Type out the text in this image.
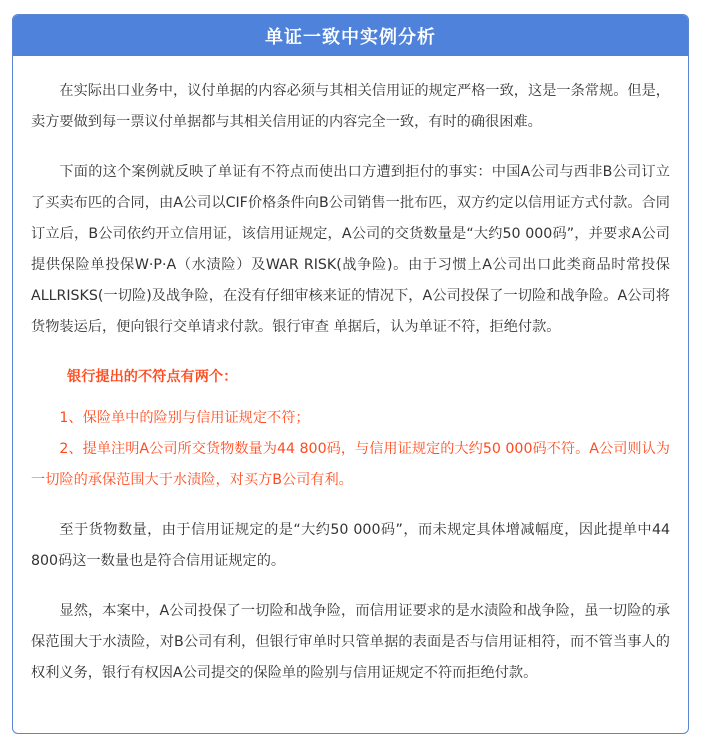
单证一致中实例分析

在实际出口业务中，议付单据的内容必须与其相关信用证的规定严格一致，这是一条常规。但是，卖方要做到每一票议付单据都与其相关信用证的内容完全一致，有时的确很困难。

下面的这个案例就反映了单证有不符点而使出口方遭到拒付的事实：中国A公司与西非B公司订立了买卖布匹的合同，由A公司以CIF价格条件向B公司销售一批布匹，双方约定以信用证方式付款。合同订立后，B公司依约开立信用证，该信用证规定，A公司的交货数量是“大约50 000码”，并要求A公司提供保险单投保W·P·A（水渍险）及WAR RISK(战争险)。由于习惯上A公司出口此类商品时常投保ALLRISKS(一切险)及战争险，在没有仔细审核来证的情况下，A公司投保了一切险和战争险。A公司将货物装运后，便向银行交单请求付款。银行审查 单据后，认为单证不符，拒绝付款。

银行提出的不符点有两个：

1、保险单中的险别与信用证规定不符；

2、提单注明A公司所交货物数量为44 800码，与信用证规定的大约50 000码不符。A公司则认为一切险的承保范围大于水渍险，对买方B公司有利。

至于货物数量，由于信用证规定的是“大约50 000码”，而未规定具体增减幅度，因此提单中44 800码这一数量也是符合信用证规定的。

显然，本案中，A公司投保了一切险和战争险，而信用证要求的是水渍险和战争险，虽一切险的承保范围大于水渍险，对B公司有利，但银行审单时只管单据的表面是否与信用证相符，而不管当事人的权利义务，银行有权因A公司提交的保险单的险别与信用证规定不符而拒绝付款。
